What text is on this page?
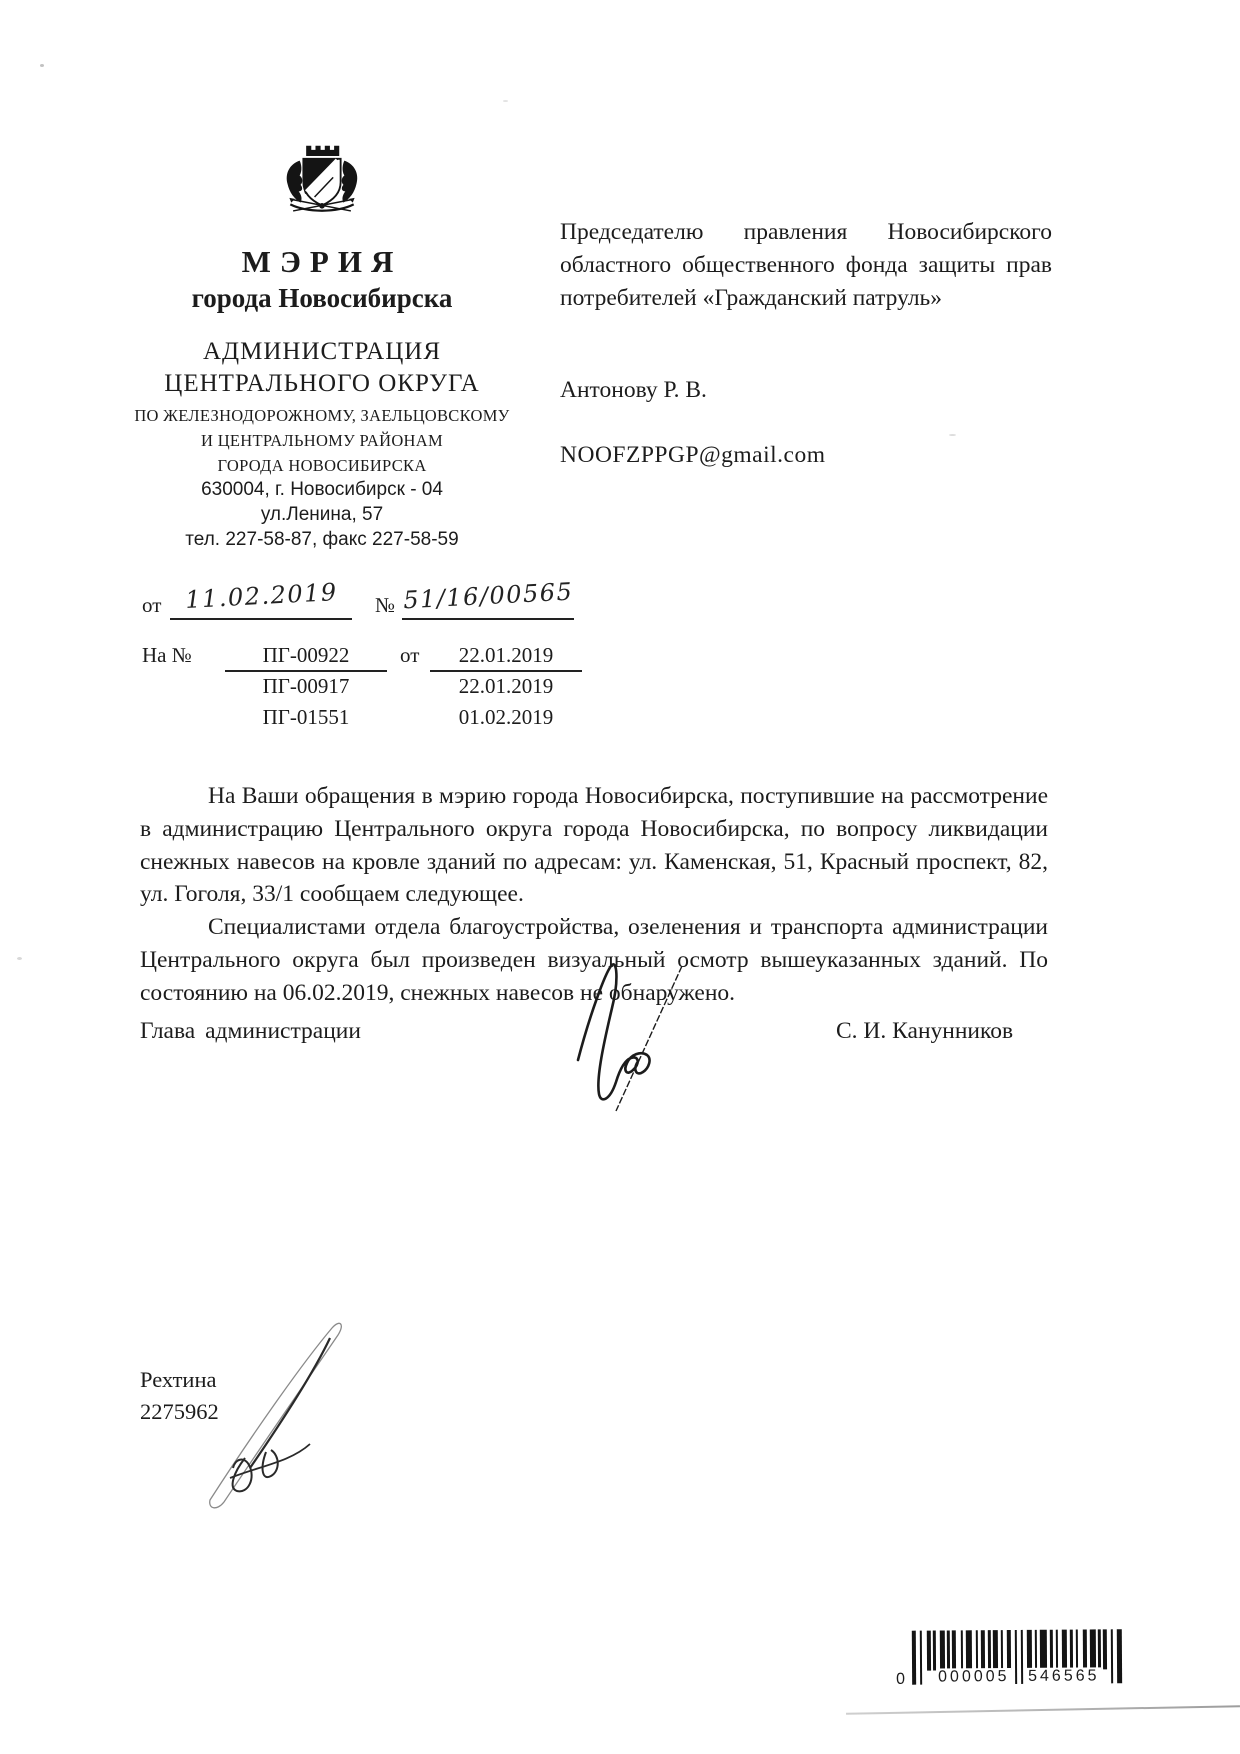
МЭРИЯ

города Новосибирска

АДМИНИСТРАЦИЯ

ЦЕНТРАЛЬНОГО ОКРУГА

ПО ЖЕЛЕЗНОДОРОЖНОМУ, ЗАЕЛЬЦОВСКОМУ

И ЦЕНТРАЛЬНОМУ РАЙОНАМ

ГОРОДА НОВОСИБИРСКА

630004, г. Новосибирск - 04

ул.Ленина, 57

тел. 227-58-87, факс 227-58-59

Председателю правления Новосибирского областного общественного фонда защиты прав потребителей «Гражданский патруль»
Антонову Р. В.
NOOFZPPGP@gmail.com
от 11.02.2019	№ 51/16/00565
На №	ПГ-00922	от	22.01.2019
ПГ-00917	22.01.2019
ПГ-01551	01.02.2019

На Ваши обращения в мэрию города Новосибирска, поступившие на рассмотрение в администрацию Центрального округа города Новосибирска, по вопросу ликвидации снежных навесов на кровле зданий по адресам: ул. Каменская, 51, Красный проспект, 82, ул. Гоголя, 33/1 сообщаем следующее.

Специалистами отдела благоустройства, озеленения и транспорта администрации Центрального округа был произведен визуальный осмотр вышеуказанных зданий. По состоянию на 06.02.2019, снежных навесов не обнаружено.

Глава администрации	С. И. Канунников
Рехтина
2275962
0 000005 546565
